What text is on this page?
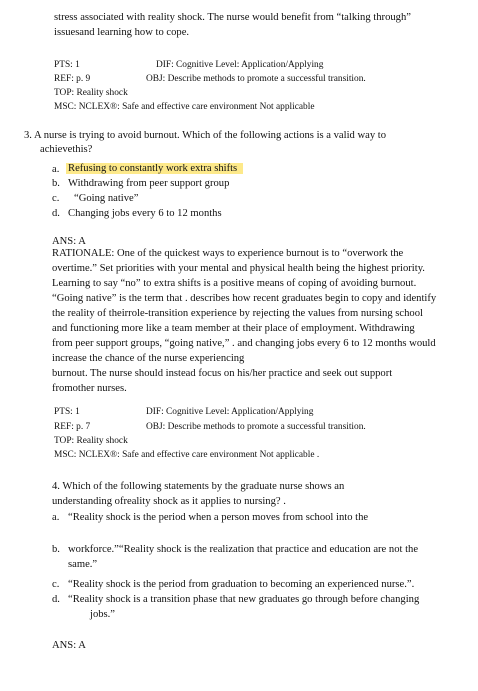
stress associated with reality shock. The nurse would benefit from “talking through”
issuesand learning how to cope.
PTS: 1	DIF: Cognitive Level: Application/Applying
REF: p. 9	OBJ: Describe methods to promote a successful transition.
TOP: Reality shock
MSC: NCLEX®: Safe and effective care environment Not applicable
3. A nurse is trying to avoid burnout. Which of the following actions is a valid way to
achievethis?
a. Refusing to constantly work extra shifts
b. Withdrawing from peer support group
c. “Going native”
d. Changing jobs every 6 to 12 months
ANS: A
RATIONALE: One of the quickest ways to experience burnout is to “overwork the
overtime.” Set priorities with your mental and physical health being the highest priority.
Learning to say “no” to extra shifts is a positive means of coping of avoiding burnout.
“Going native” is the term that . describes how recent graduates begin to copy and identify
the reality of theirrole-transition experience by rejecting the values from nursing school
and functioning more like a team member at their place of employment. Withdrawing
from peer support groups, “going native,” . and changing jobs every 6 to 12 months would
increase the chance of the nurse experiencing
burnout. The nurse should instead focus on his/her practice and seek out support
fromother nurses.
PTS: 1	DIF: Cognitive Level: Application/Applying
REF: p. 7	OBJ: Describe methods to promote a successful transition.
TOP: Reality shock
MSC: NCLEX®: Safe and effective care environment Not applicable .
4. Which of the following statements by the graduate nurse shows an
understanding ofreality shock as it applies to nursing? .
a. “Reality shock is the period when a person moves from school into the
b. workforce.”“Reality shock is the realization that practice and education are not the
same.”
c. “Reality shock is the period from graduation to becoming an experienced nurse.”.
d. “Reality shock is a transition phase that new graduates go through before changing
jobs.”
ANS: A
